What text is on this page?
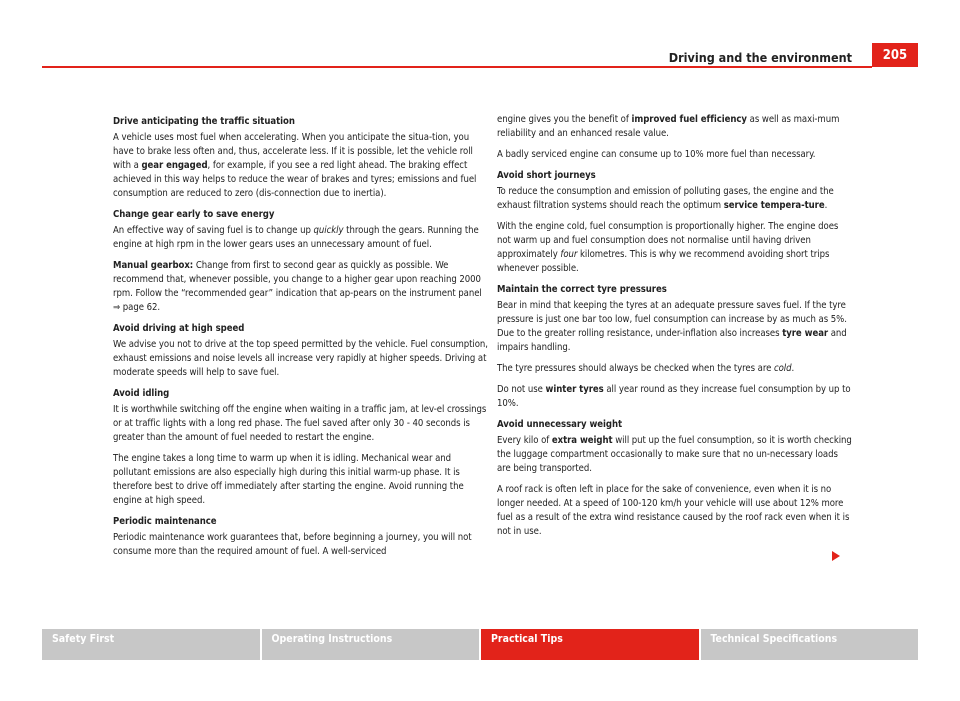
Driving and the environment	205
Drive anticipating the traffic situation

A vehicle uses most fuel when accelerating. When you anticipate the situa-tion, you have to brake less often and, thus, accelerate less. If it is possible, let the vehicle roll with a gear engaged, for example, if you see a red light ahead. The braking effect achieved in this way helps to reduce the wear of brakes and tyres; emissions and fuel consumption are reduced to zero (dis-connection due to inertia).

Change gear early to save energy

An effective way of saving fuel is to change up quickly through the gears. Running the engine at high rpm in the lower gears uses an unnecessary amount of fuel.

Manual gearbox: Change from first to second gear as quickly as possible. We recommend that, whenever possible, you change to a higher gear upon reaching 2000 rpm. Follow the “recommended gear” indication that ap-pears on the instrument panel ⇒ page 62.

Avoid driving at high speed

We advise you not to drive at the top speed permitted by the vehicle. Fuel consumption, exhaust emissions and noise levels all increase very rapidly at higher speeds. Driving at moderate speeds will help to save fuel.

Avoid idling

It is worthwhile switching off the engine when waiting in a traffic jam, at lev-el crossings or at traffic lights with a long red phase. The fuel saved after only 30 - 40 seconds is greater than the amount of fuel needed to restart the engine.

The engine takes a long time to warm up when it is idling. Mechanical wear and pollutant emissions are also especially high during this initial warm-up phase. It is therefore best to drive off immediately after starting the engine. Avoid running the engine at high speed.

Periodic maintenance

Periodic maintenance work guarantees that, before beginning a journey, you will not consume more than the required amount of fuel. A well-serviced

engine gives you the benefit of improved fuel efficiency as well as maxi-mum reliability and an enhanced resale value.

A badly serviced engine can consume up to 10% more fuel than necessary.

Avoid short journeys

To reduce the consumption and emission of polluting gases, the engine and the exhaust filtration systems should reach the optimum service tempera-ture.

With the engine cold, fuel consumption is proportionally higher. The engine does not warm up and fuel consumption does not normalise until having driven approximately four kilometres. This is why we recommend avoiding short trips whenever possible.

Maintain the correct tyre pressures

Bear in mind that keeping the tyres at an adequate pressure saves fuel. If the tyre pressure is just one bar too low, fuel consumption can increase by as much as 5%. Due to the greater rolling resistance, under-inflation also increases tyre wear and impairs handling.

The tyre pressures should always be checked when the tyres are cold.

Do not use winter tyres all year round as they increase fuel consumption by up to 10%.

Avoid unnecessary weight

Every kilo of extra weight will put up the fuel consumption, so it is worth checking the luggage compartment occasionally to make sure that no un-necessary loads are being transported.

A roof rack is often left in place for the sake of convenience, even when it is no longer needed. At a speed of 100-120 km/h your vehicle will use about 12% more fuel as a result of the extra wind resistance caused by the roof rack even when it is not in use.

Safety First	Operating Instructions	Practical Tips	Technical Specifications
